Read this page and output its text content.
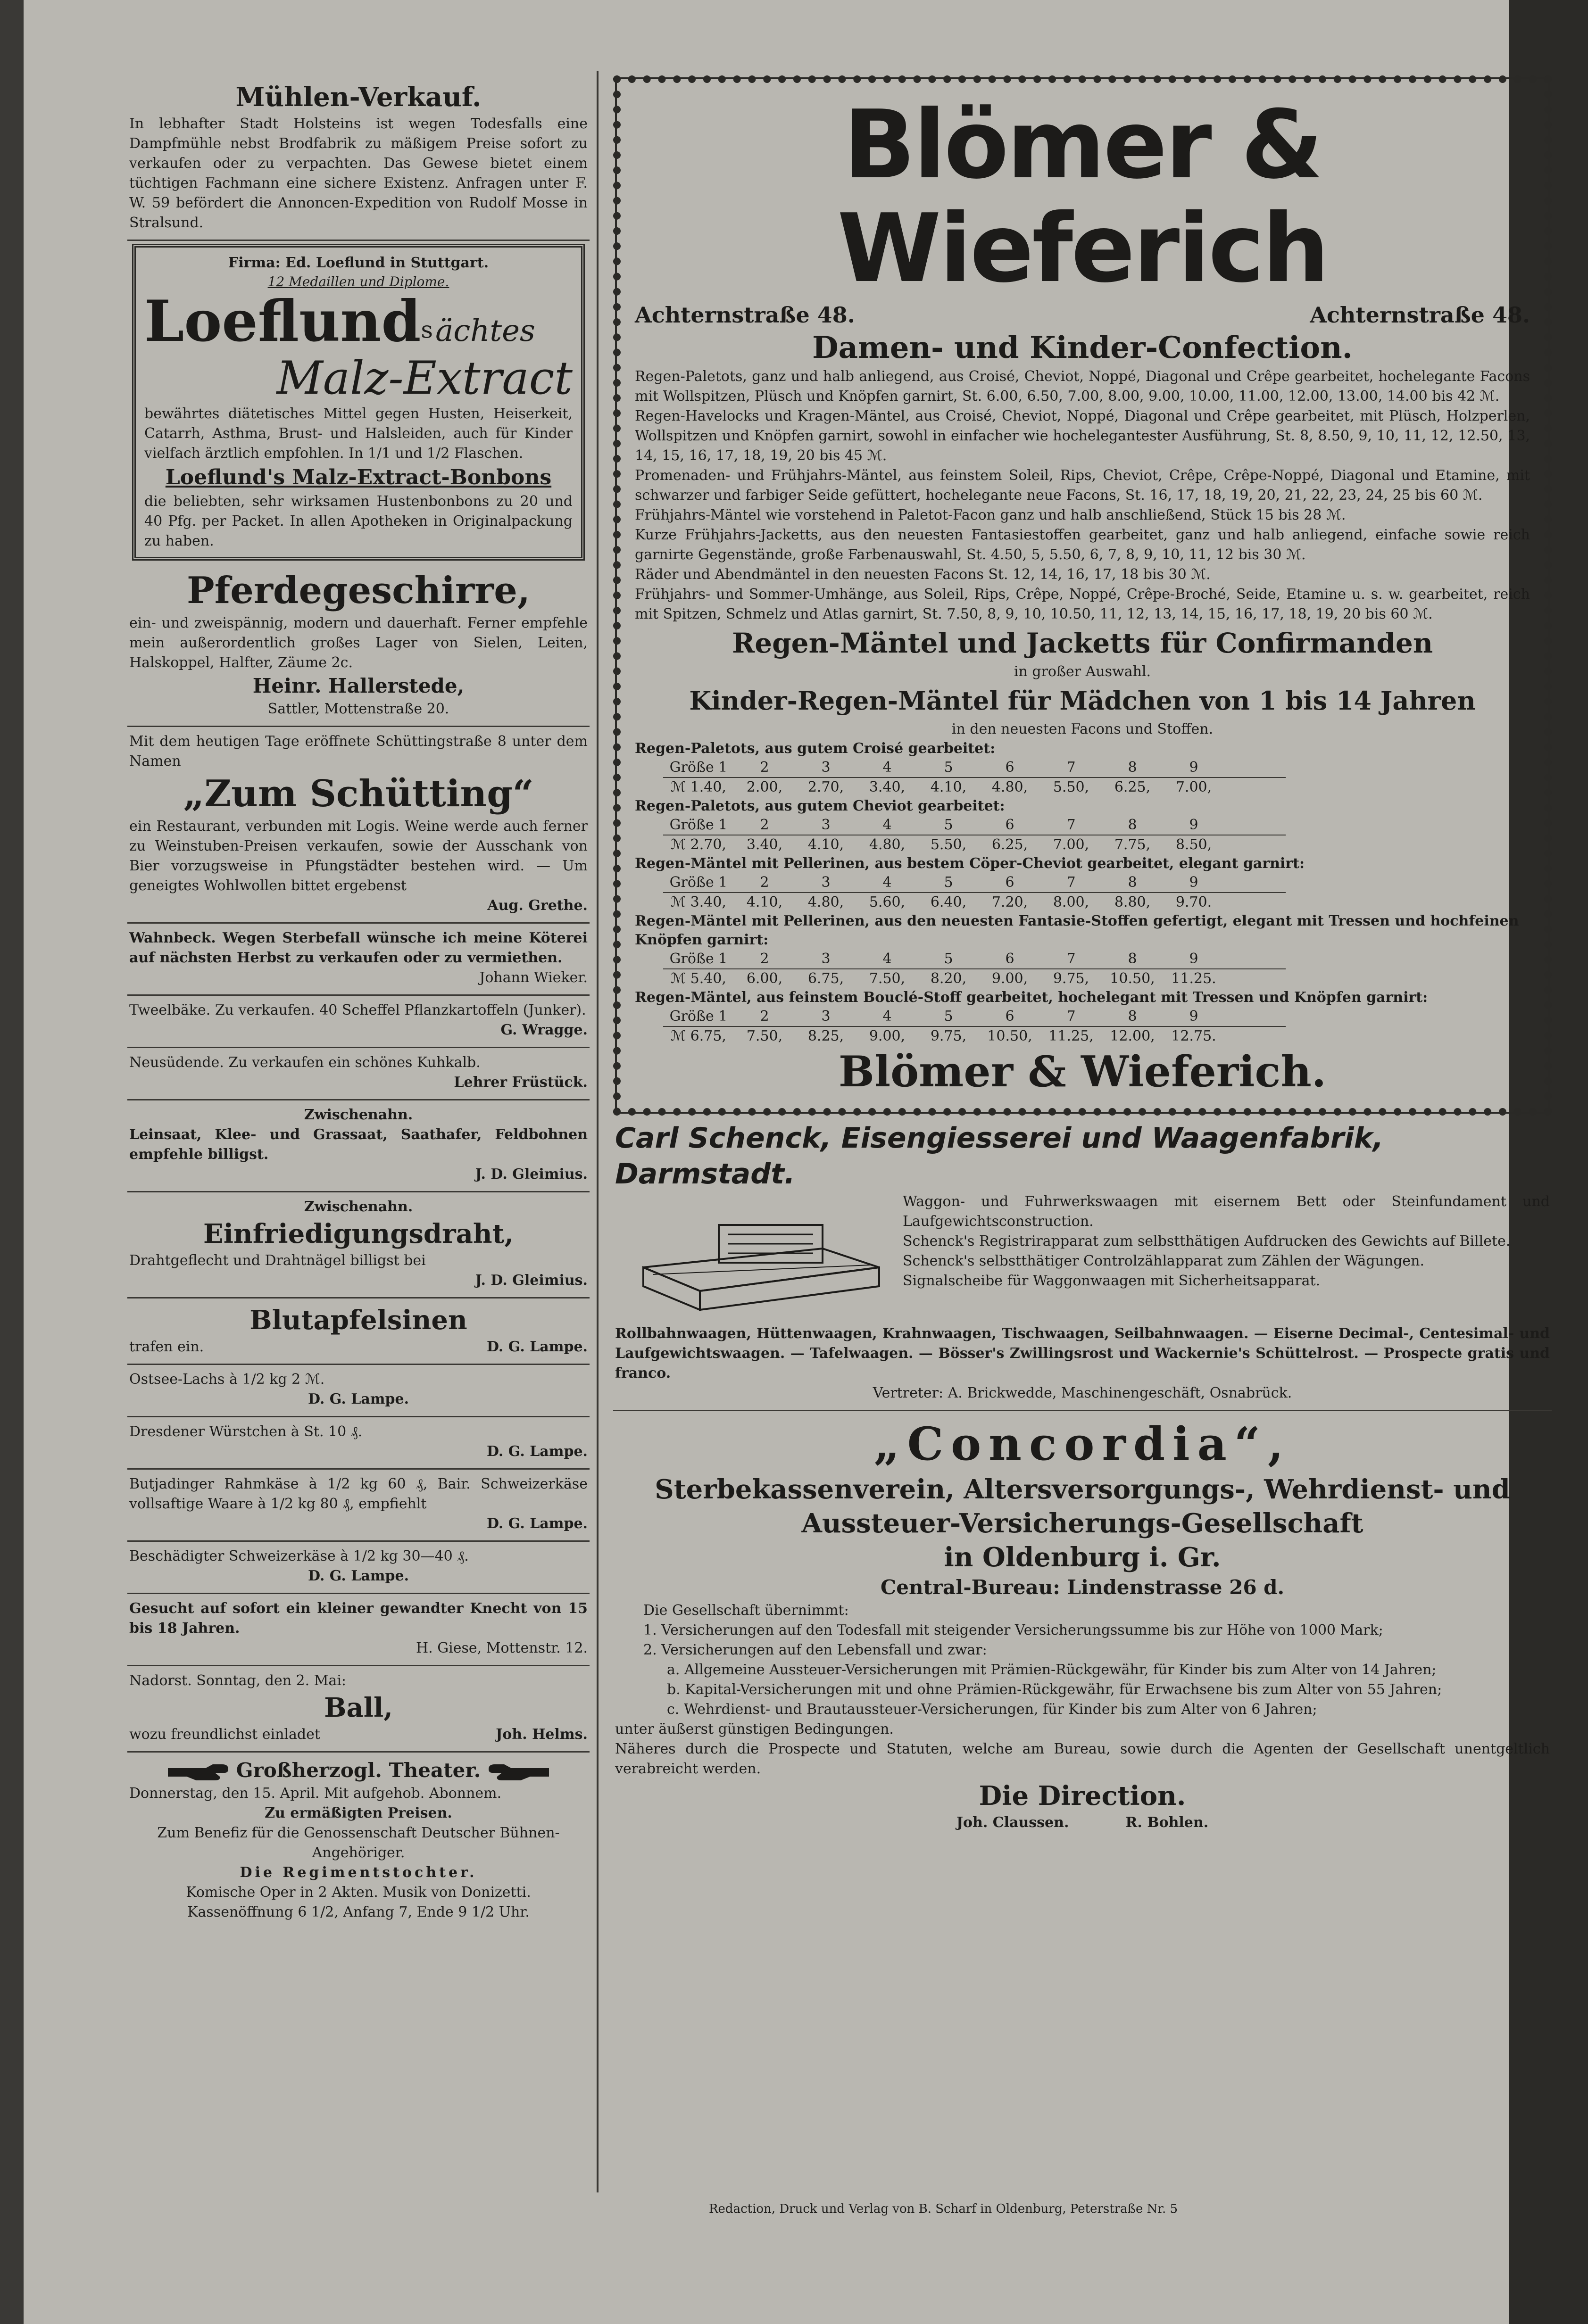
Mühlen-Verkauf.
In lebhafter Stadt Holsteins ist wegen Todesfalls eine Dampfmühle nebst Brodfabrik zu mäßigem Preise sofort zu verkaufen oder zu verpachten. Das Gewese bietet einem tüchtigen Fachmann eine sichere Existenz. Anfragen unter F. W. 59 befördert die Annoncen-Expedition von Rudolf Mosse in Stralsund.
Firma: Ed. Loeflund in Stuttgart.
12 Medaillen und Diplome.
Loeflund$^s$ ächtes
Malz-Extract
bewährtes diätetisches Mittel gegen Husten, Heiserkeit, Catarrh, Asthma, Brust- und Halsleiden, auch für Kinder vielfach ärztlich empfohlen. In 1/1 und 1/2 Flaschen.
Loeflund's Malz-Extract-Bonbons
die beliebten, sehr wirksamen Hustenbonbons zu 20 und 40 Pfg. per Packet. In allen Apotheken in Originalpackung zu haben.
Pferdegeschirre,
ein- und zweispännig, modern und dauerhaft. Ferner empfehle mein außerordentlich großes Lager von Sielen, Leiten, Halskoppel, Halfter, Zäume 2c.
Heinr. Hallerstede,
Sattler, Mottenstraße 20.
Mit dem heutigen Tage eröffnete Schüttingstraße 8 unter dem Namen
„Zum Schütting“
ein Restaurant, verbunden mit Logis. Weine werde auch ferner zu Weinstuben-Preisen verkaufen, sowie der Ausschank von Bier vorzugsweise in Pfungstädter bestehen wird. — Um geneigtes Wohlwollen bittet ergebenst
Aug. Grethe.
Wahnbeck. Wegen Sterbefall wünsche ich meine Köterei auf nächsten Herbst zu verkaufen oder zu vermiethen.
Johann Wieker.
Tweelbäke. Zu verkaufen. 40 Scheffel Pflanzkartoffeln (Junker).
G. Wragge.
Neusüdende. Zu verkaufen ein schönes Kuhkalb.
Lehrer Früstück.
Zwischenahn.
Leinsaat, Klee- und Grassaat, Saathafer, Feldbohnen empfehle billigst.
J. D. Gleimius.
Zwischenahn.
Einfriedigungsdraht,
Drahtgeflecht und Drahtnägel billigst bei
J. D. Gleimius.
Blutapfelsinen
trafen ein.	D. G. Lampe.
Ostsee-Lachs à 1/2 kg 2 ℳ.
D. G. Lampe.
Dresdener Würstchen à St. 10 ₰.
D. G. Lampe.
Butjadinger Rahmkäse à 1/2 kg 60 ₰, Bair. Schweizerkäse vollsaftige Waare à 1/2 kg 80 ₰, empfiehlt
D. G. Lampe.
Beschädigter Schweizerkäse à 1/2 kg 30—40 ₰.
D. G. Lampe.
Gesucht auf sofort ein kleiner gewandter Knecht von 15 bis 18 Jahren.
H. Giese, Mottenstr. 12.
Nadorst. Sonntag, den 2. Mai:
Ball,
wozu freundlichst einladet	Joh. Helms.
Großherzogl. Theater.
Donnerstag, den 15. April. Mit aufgehob. Abonnem.
Zu ermäßigten Preisen.
Zum Benefiz für die Genossenschaft Deutscher Bühnen-Angehöriger.
Die Regimentstochter.
Komische Oper in 2 Akten. Musik von Donizetti.
Kassenöffnung 6 1/2, Anfang 7, Ende 9 1/2 Uhr.
Blömer & Wieferich
Achternstraße 48.	Achternstraße 48.
Damen- und Kinder-Confection.
Regen-Paletots, ganz und halb anliegend, aus Croisé, Cheviot, Noppé, Diagonal und Crêpe gearbeitet, hochelegante Facons mit Wollspitzen, Plüsch und Knöpfen garnirt, St. 6.00, 6.50, 7.00, 8.00, 9.00, 10.00, 11.00, 12.00, 13.00, 14.00 bis 42 ℳ.
Regen-Havelocks und Kragen-Mäntel, aus Croisé, Cheviot, Noppé, Diagonal und Crêpe gearbeitet, mit Plüsch, Holzperlen, Wollspitzen und Knöpfen garnirt, sowohl in einfacher wie hochelegantester Ausführung, St. 8, 8.50, 9, 10, 11, 12, 12.50, 13, 14, 15, 16, 17, 18, 19, 20 bis 45 ℳ.
Promenaden- und Frühjahrs-Mäntel, aus feinstem Soleil, Rips, Cheviot, Crêpe, Crêpe-Noppé, Diagonal und Etamine, mit schwarzer und farbiger Seide gefüttert, hochelegante neue Facons, St. 16, 17, 18, 19, 20, 21, 22, 23, 24, 25 bis 60 ℳ.
Frühjahrs-Mäntel wie vorstehend in Paletot-Facon ganz und halb anschließend, Stück 15 bis 28 ℳ.
Kurze Frühjahrs-Jacketts, aus den neuesten Fantasiestoffen gearbeitet, ganz und halb anliegend, einfache sowie reich garnirte Gegenstände, große Farbenauswahl, St. 4.50, 5, 5.50, 6, 7, 8, 9, 10, 11, 12 bis 30 ℳ.
Räder und Abendmäntel in den neuesten Facons St. 12, 14, 16, 17, 18 bis 30 ℳ.
Frühjahrs- und Sommer-Umhänge, aus Soleil, Rips, Crêpe, Noppé, Crêpe-Broché, Seide, Etamine u. s. w. gearbeitet, reich mit Spitzen, Schmelz und Atlas garnirt, St. 7.50, 8, 9, 10, 10.50, 11, 12, 13, 14, 15, 16, 17, 18, 19, 20 bis 60 ℳ.
Regen-Mäntel und Jacketts für Confirmanden
in großer Auswahl.
Kinder-Regen-Mäntel für Mädchen von 1 bis 14 Jahren
in den neuesten Facons und Stoffen.
Regen-Paletots, aus gutem Croisé gearbeitet:
Größe 1	2	3	4	5	6	7	8	9
ℳ 1.40,	2.00,	2.70,	3.40,	4.10,	4.80,	5.50,	6.25,	7.00,
Regen-Paletots, aus gutem Cheviot gearbeitet:
Größe 1	2	3	4	5	6	7	8	9
ℳ 2.70,	3.40,	4.10,	4.80,	5.50,	6.25,	7.00,	7.75,	8.50,
Regen-Mäntel mit Pellerinen, aus bestem Cöper-Cheviot gearbeitet, elegant garnirt:
Größe 1	2	3	4	5	6	7	8	9
ℳ 3.40,	4.10,	4.80,	5.60,	6.40,	7.20,	8.00,	8.80,	9.70.
Regen-Mäntel mit Pellerinen, aus den neuesten Fantasie-Stoffen gefertigt, elegant mit Tressen und hochfeinen Knöpfen garnirt:
Größe 1	2	3	4	5	6	7	8	9
ℳ 5.40,	6.00,	6.75,	7.50,	8.20,	9.00,	9.75,	10.50,	11.25.
Regen-Mäntel, aus feinstem Bouclé-Stoff gearbeitet, hochelegant mit Tressen und Knöpfen garnirt:
Größe 1	2	3	4	5	6	7	8	9
ℳ 6.75,	7.50,	8.25,	9.00,	9.75,	10.50,	11.25,	12.00,	12.75.
Blömer & Wieferich.
Carl Schenck, Eisengiesserei und Waagenfabrik, Darmstadt.
Waggon- und Fuhrwerkswaagen mit eisernem Bett oder Steinfundament und Laufgewichtsconstruction.
Schenck's Registrirapparat zum selbstthätigen Aufdrucken des Gewichts auf Billete.
Schenck's selbstthätiger Controlzählapparat zum Zählen der Wägungen.
Signalscheibe für Waggonwaagen mit Sicherheitsapparat.
Rollbahnwaagen, Hüttenwaagen, Krahnwaagen, Tischwaagen, Seilbahnwaagen. — Eiserne Decimal-, Centesimal- und Laufgewichtswaagen. — Tafelwaagen. — Bösser's Zwillingsrost und Wackernie's Schüttelrost. — Prospecte gratis und franco.
Vertreter: A. Brickwedde, Maschinengeschäft, Osnabrück.
„Concordia“,
Sterbekassenverein, Altersversorgungs-, Wehrdienst- und
Aussteuer-Versicherungs-Gesellschaft
in Oldenburg i. Gr.
Central-Bureau: Lindenstrasse 26 d.
Die Gesellschaft übernimmt:
1. Versicherungen auf den Todesfall mit steigender Versicherungssumme bis zur Höhe von 1000 Mark;
2. Versicherungen auf den Lebensfall und zwar:
a. Allgemeine Aussteuer-Versicherungen mit Prämien-Rückgewähr, für Kinder bis zum Alter von 14 Jahren;
b. Kapital-Versicherungen mit und ohne Prämien-Rückgewähr, für Erwachsene bis zum Alter von 55 Jahren;
c. Wehrdienst- und Brautaussteuer-Versicherungen, für Kinder bis zum Alter von 6 Jahren;
unter äußerst günstigen Bedingungen.
Näheres durch die Prospecte und Statuten, welche am Bureau, sowie durch die Agenten der Gesellschaft unentgeltlich verabreicht werden.
Die Direction.
Joh. Claussen.	R. Bohlen.
Redaction, Druck und Verlag von B. Scharf in Oldenburg, Peterstraße Nr. 5
